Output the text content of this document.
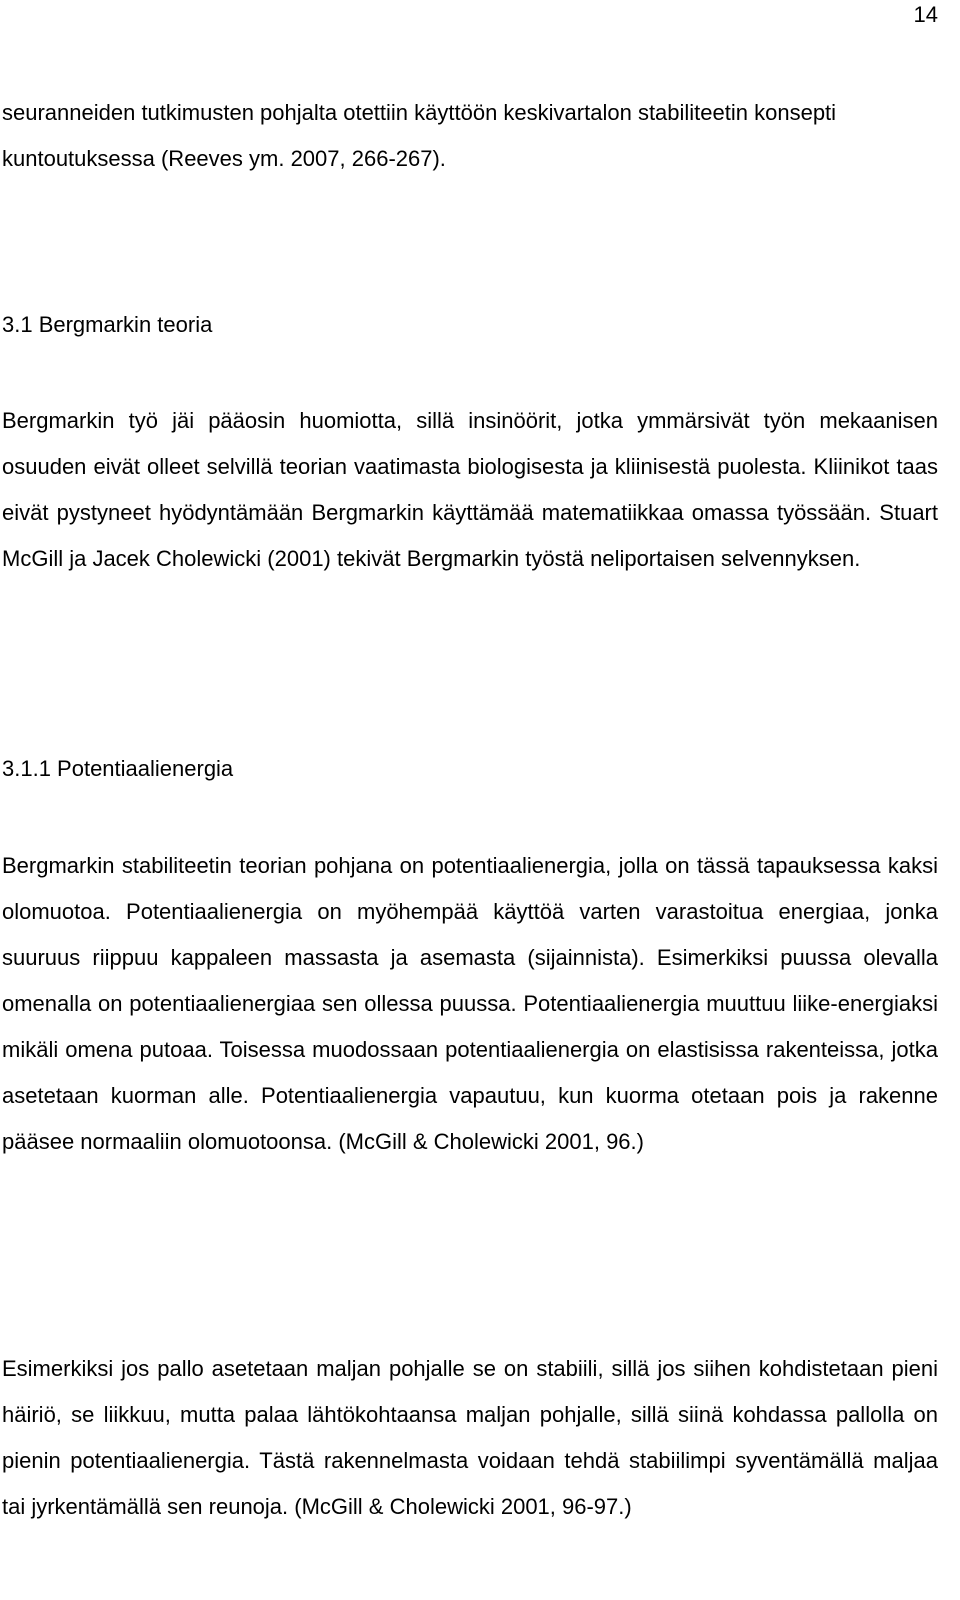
14

seuranneiden tutkimusten pohjalta otettiin käyttöön keskivartalon stabiliteetin konsepti kuntoutuksessa (Reeves ym. 2007, 266-267).

3.1 Bergmarkin teoria

Bergmarkin työ jäi pääosin huomiotta, sillä insinöörit, jotka ymmärsivät työn mekaanisen osuuden eivät olleet selvillä teorian vaatimasta biologisesta ja kliinisestä puolesta. Kliinikot taas eivät pystyneet hyödyntämään Bergmarkin käyttämää matematiikkaa omassa työssään. Stuart McGill ja Jacek Cholewicki (2001) tekivät Bergmarkin työstä neliportaisen selvennyksen.

3.1.1 Potentiaalienergia

Bergmarkin stabiliteetin teorian pohjana on potentiaalienergia, jolla on tässä tapauksessa kaksi olomuotoa. Potentiaalienergia on myöhempää käyttöä varten varastoitua energiaa, jonka suuruus riippuu kappaleen massasta ja asemasta (sijainnista). Esimerkiksi puussa olevalla omenalla on potentiaalienergiaa sen ollessa puussa. Potentiaalienergia muuttuu liike-energiaksi mikäli omena putoaa. Toisessa muodossaan potentiaalienergia on elastisissa rakenteissa, jotka asetetaan kuorman alle. Potentiaalienergia vapautuu, kun kuorma otetaan pois ja rakenne pääsee normaaliin olomuotoonsa. (McGill & Cholewicki 2001, 96.)

Esimerkiksi jos pallo asetetaan maljan pohjalle se on stabiili, sillä jos siihen kohdistetaan pieni häiriö, se liikkuu, mutta palaa lähtökohtaansa maljan pohjalle, sillä siinä kohdassa pallolla on pienin potentiaalienergia. Tästä rakennelmasta voidaan tehdä stabiilimpi syventämällä maljaa tai jyrkentämällä sen reunoja. (McGill & Cholewicki 2001, 96-97.)
